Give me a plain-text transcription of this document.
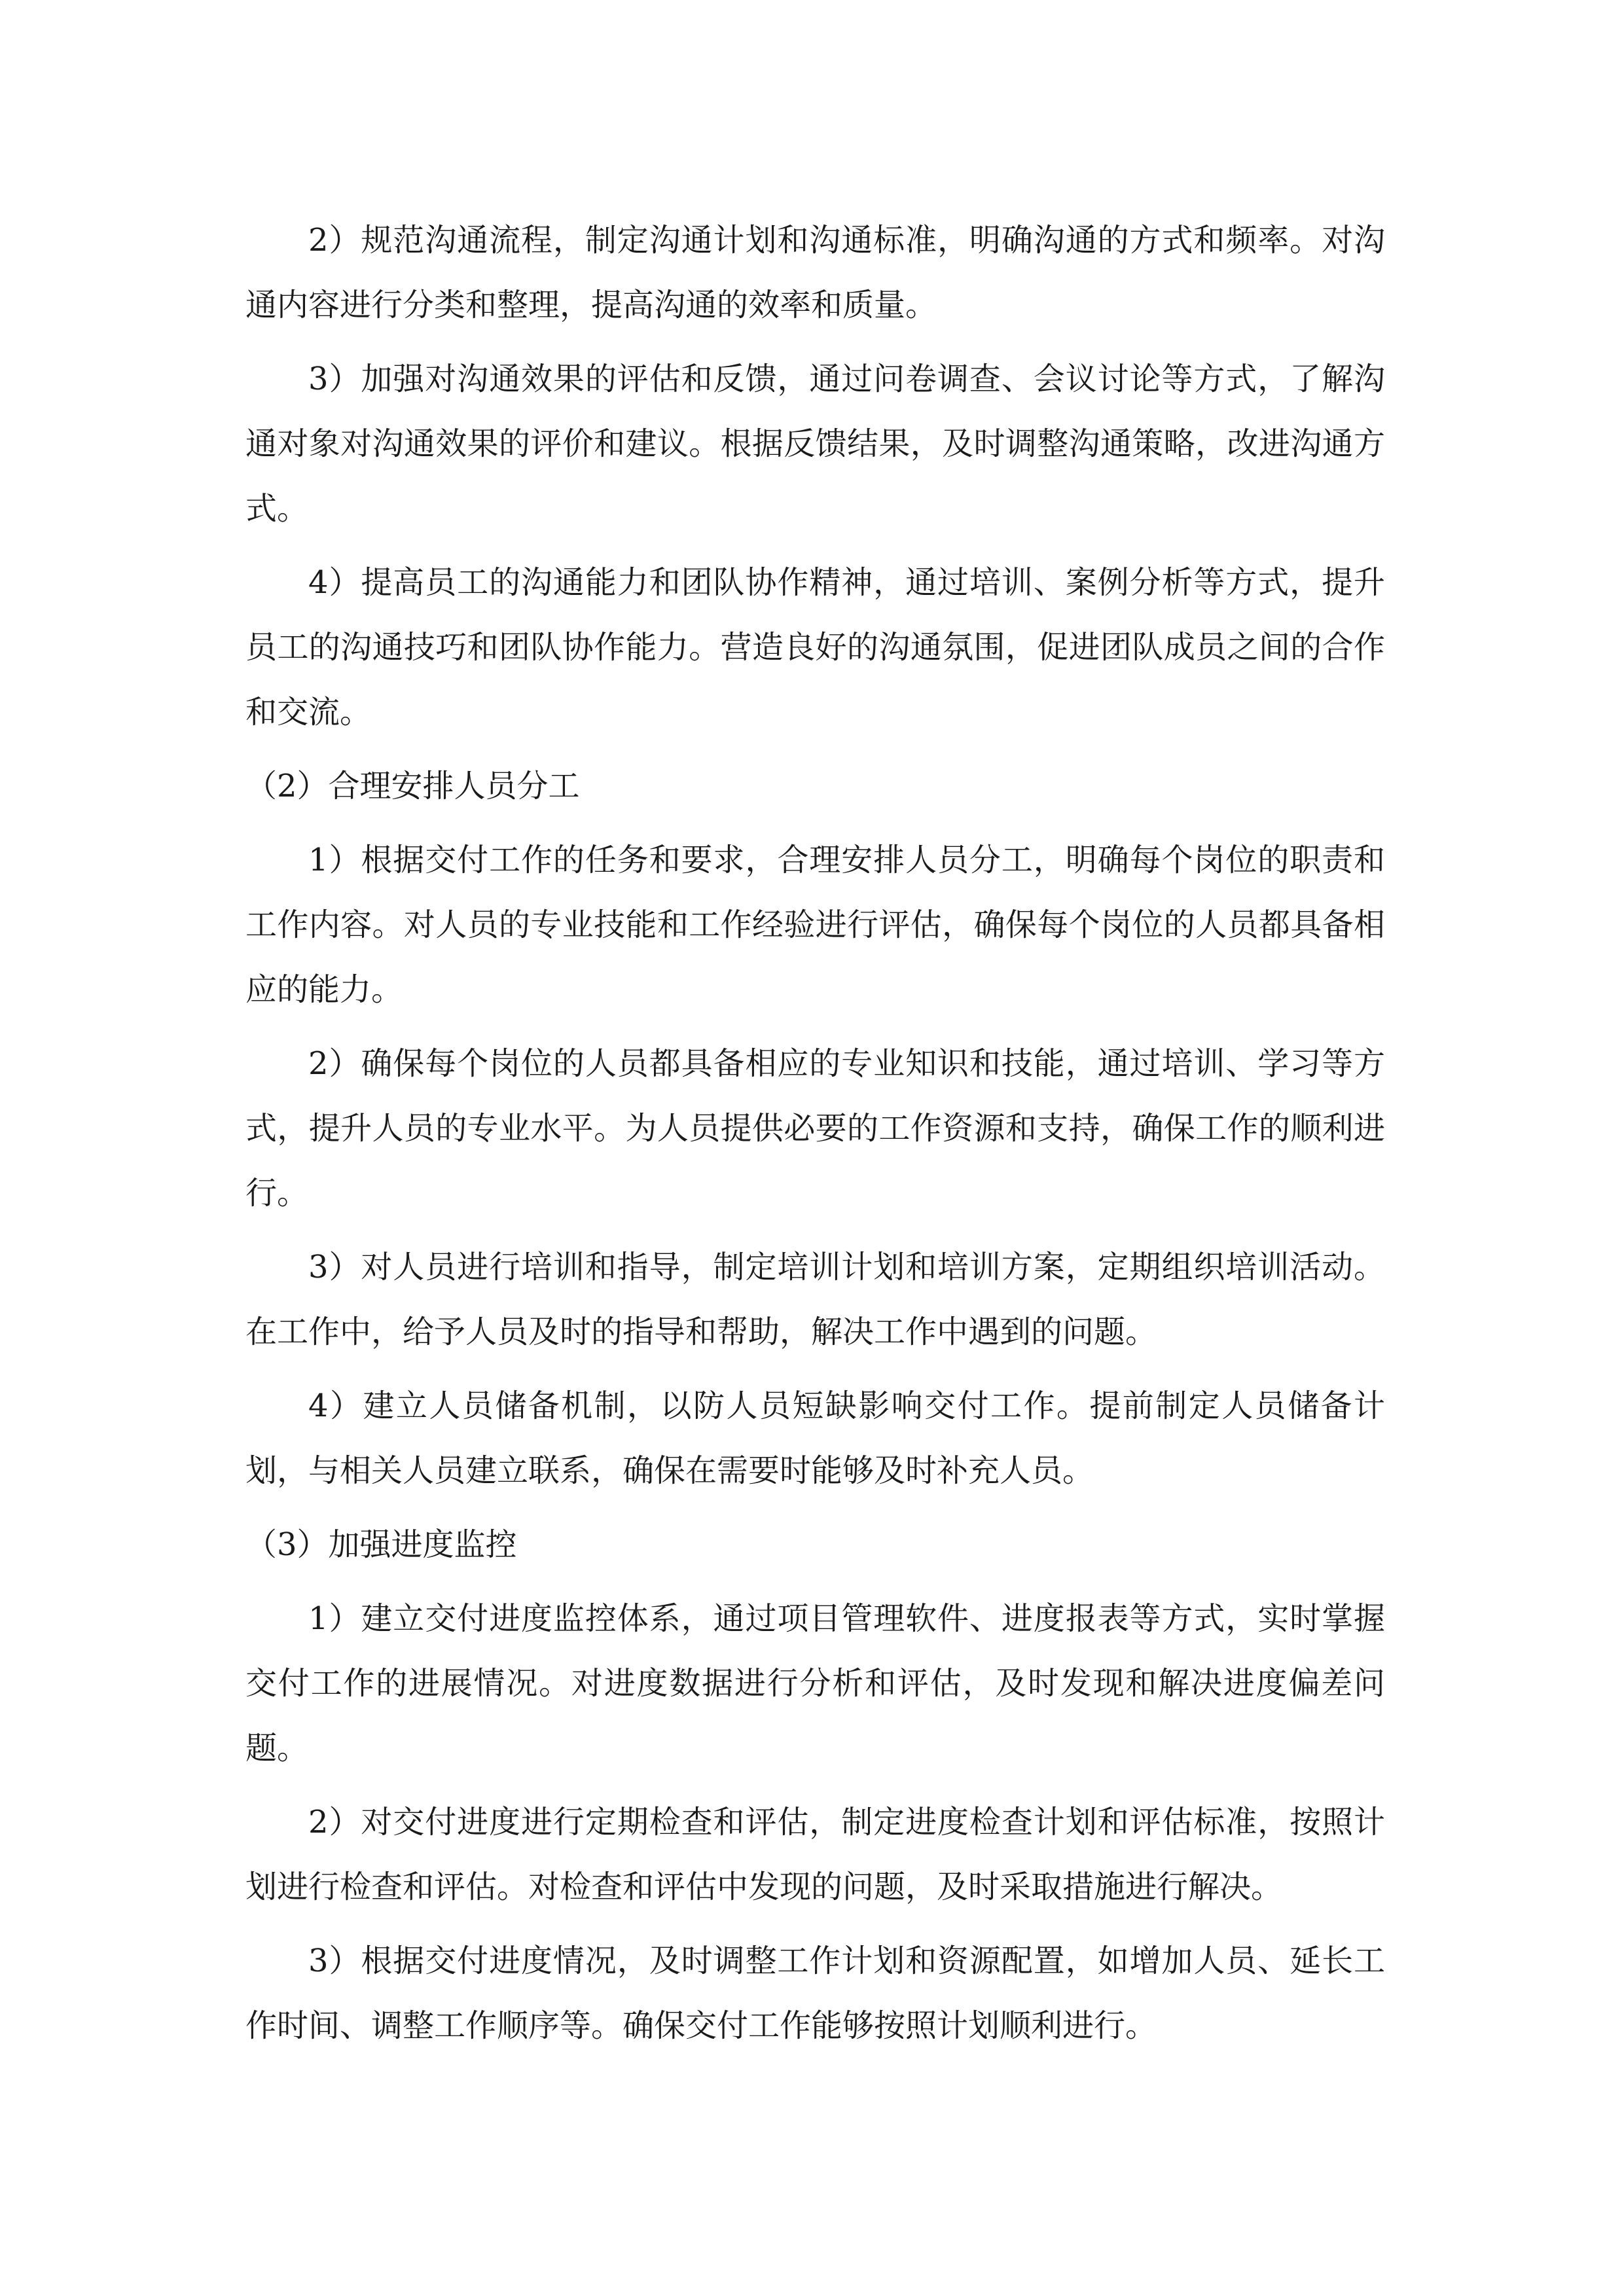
2）规范沟通流程，制定沟通计划和沟通标准，明确沟通的方式和频率。对沟通内容进行分类和整理，提高沟通的效率和质量。

3）加强对沟通效果的评估和反馈，通过问卷调查、会议讨论等方式，了解沟通对象对沟通效果的评价和建议。根据反馈结果，及时调整沟通策略，改进沟通方式。

4）提高员工的沟通能力和团队协作精神，通过培训、案例分析等方式，提升员工的沟通技巧和团队协作能力。营造良好的沟通氛围，促进团队成员之间的合作和交流。

（2）合理安排人员分工

1）根据交付工作的任务和要求，合理安排人员分工，明确每个岗位的职责和工作内容。对人员的专业技能和工作经验进行评估，确保每个岗位的人员都具备相应的能力。

2）确保每个岗位的人员都具备相应的专业知识和技能，通过培训、学习等方式，提升人员的专业水平。为人员提供必要的工作资源和支持，确保工作的顺利进行。

3）对人员进行培训和指导，制定培训计划和培训方案，定期组织培训活动。在工作中，给予人员及时的指导和帮助，解决工作中遇到的问题。

4）建立人员储备机制，以防人员短缺影响交付工作。提前制定人员储备计划，与相关人员建立联系，确保在需要时能够及时补充人员。

（3）加强进度监控

1）建立交付进度监控体系，通过项目管理软件、进度报表等方式，实时掌握交付工作的进展情况。对进度数据进行分析和评估，及时发现和解决进度偏差问题。

2）对交付进度进行定期检查和评估，制定进度检查计划和评估标准，按照计划进行检查和评估。对检查和评估中发现的问题，及时采取措施进行解决。

3）根据交付进度情况，及时调整工作计划和资源配置，如增加人员、延长工作时间、调整工作顺序等。确保交付工作能够按照计划顺利进行。
